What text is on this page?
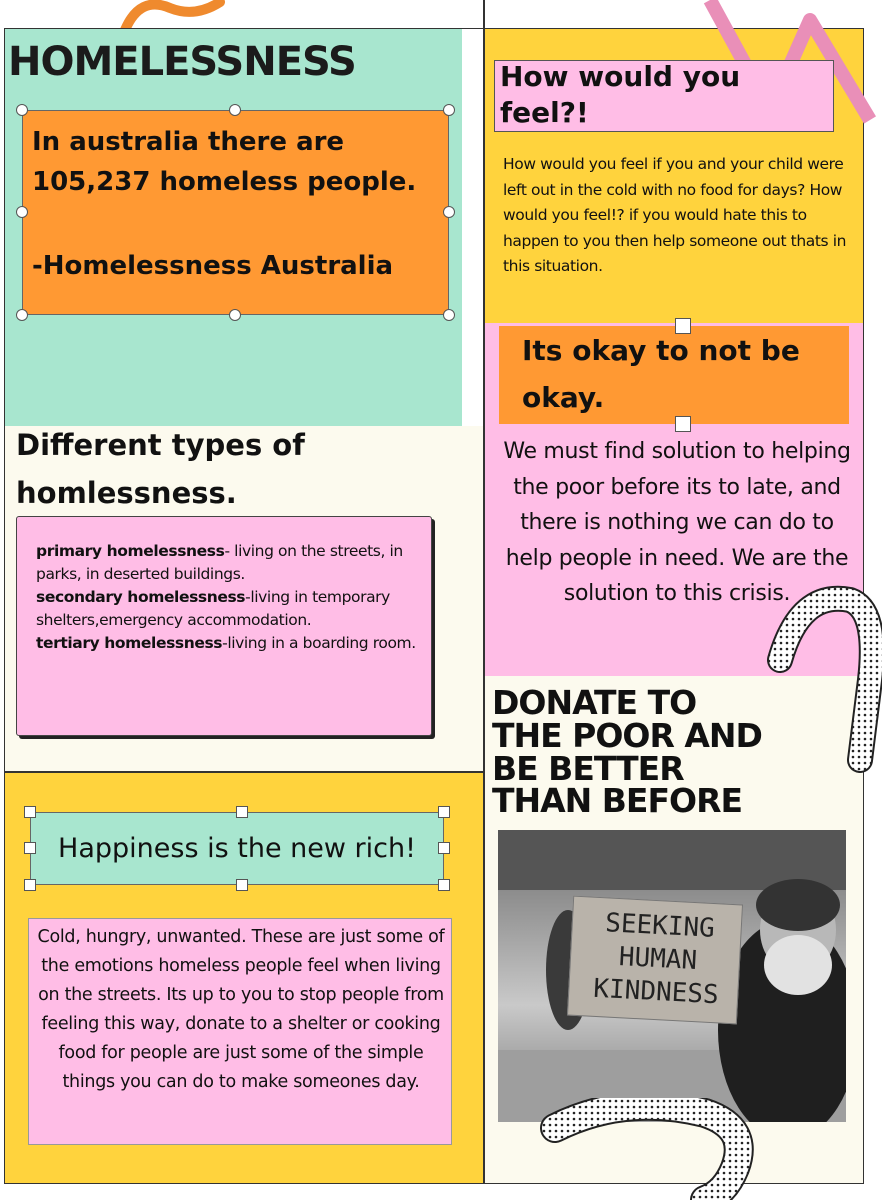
HOMELESSNESS
In australia there are
105,237 homeless people.
-Homelessness Australia
Different types of
homlessness.
primary homelessness- living on the streets, in parks, in deserted buildings.
secondary homelessness-living in temporary shelters,emergency accommodation.
tertiary homelessness-living in a boarding room.
Happiness is the new rich!
Cold, hungry, unwanted. These are just some of the emotions homeless people feel when living on the streets. Its up to you to stop people from feeling this way, donate to a shelter or cooking food for people are just some of the simple things you can do to make someones day.
How would you
feel?!
How would you feel if you and your child were left out in the cold with no food for days? How would you feel!? if you would hate this to happen to you then help someone out thats in this situation.
Its okay to not be
okay.
We must find solution to helping the poor before its to late, and there is nothing we can do to help people in need. We are the solution to this crisis.
DONATE TO
THE POOR AND
BE BETTER
THAN BEFORE
SEEKING
HUMAN
KINDNESS
